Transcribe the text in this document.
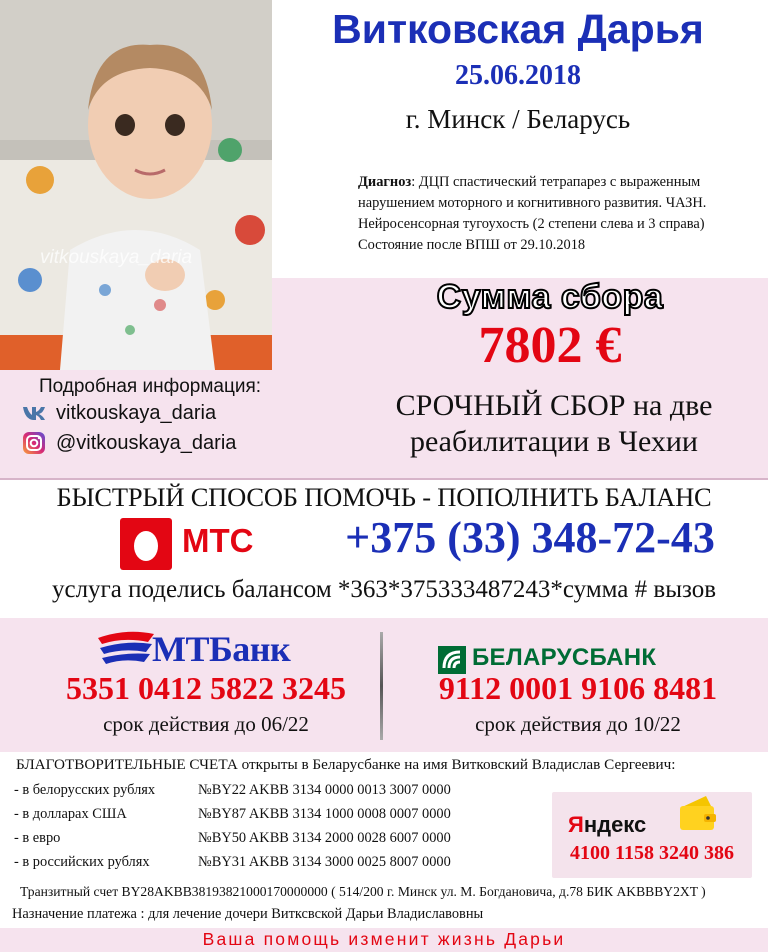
vitkouskaya_daria
Витковская Дарья
25.06.2018
г. Минск / Беларусь
Диагноз: ДЦП спастический тетрапарез с выраженным нарушением моторного и когнитивного развития. ЧАЗН. Нейросенсорная тугоухость (2 степени слева и 3 справа) Состояние после ВПШ от 29.10.2018
Сумма сбора
7802 €
СРОЧНЫЙ СБОР на две
реабилитации в Чехии
Подробная информация:
vitkouskaya_daria
@vitkouskaya_daria
БЫСТРЫЙ СПОСОБ ПОМОЧЬ - ПОПОЛНИТЬ БАЛАНС
МТС	+375 (33) 348-72-43
услуга поделись балансом *363*375333487243*сумма # вызов
МТБанк
5351 0412 5822 3245
срок действия до 06/22
БЕЛАРУСБАНК
9112 0001 9106 8481
срок действия до 10/22
БЛАГОТВОРИТЕЛЬНЫЕ СЧЕТА открыты в Беларусбанке на имя Витковский Владислав Сергеевич:
- в белорусских рублях	№BY22 AKBB 3134 0000 0013 3007 0000
- в долларах США	№BY87 AKBB 3134 1000 0008 0007 0000
- в евро	№BY50 AKBB 3134 2000 0028 6007 0000
- в российских рублях	№BY31 AKBB 3134 3000 0025 8007 0000
Яндекс
4100 1158 3240 386
Транзитный счет BY28AKBB38193821000170000000 ( 514/200 г. Минск ул. М. Богдановича, д.78 БИК AKBBBY2XT )
Назначение платежа : для лечение дочери Витксвской Дарьи Владиславовны
Ваша помощь изменит жизнь Дарьи
